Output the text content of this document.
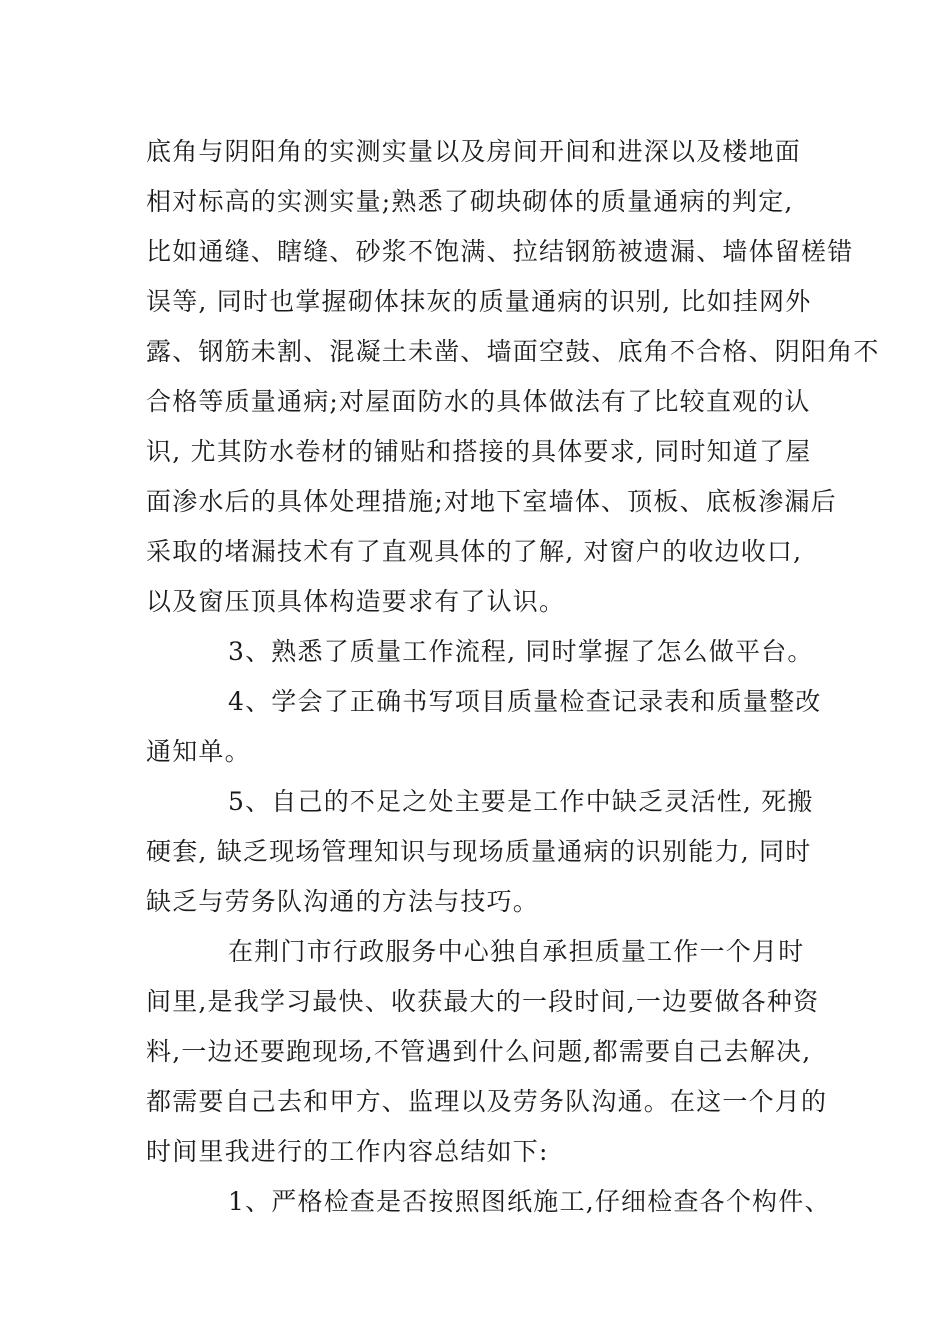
底角与阴阳角的实测实量以及房间开间和进深以及楼地面

相对标高的实测实量;熟悉了砌块砌体的质量通病的判定,

比如通缝、瞎缝、砂浆不饱满、拉结钢筋被遗漏、墙体留槎错

误等, 同时也掌握砌体抹灰的质量通病的识别, 比如挂网外

露、钢筋未割、混凝土未凿、墙面空鼓、底角不合格、阴阳角不

合格等质量通病;对屋面防水的具体做法有了比较直观的认

识, 尤其防水卷材的铺贴和搭接的具体要求, 同时知道了屋

面渗水后的具体处理措施;对地下室墙体、顶板、底板渗漏后

采取的堵漏技术有了直观具体的了解, 对窗户的收边收口,

以及窗压顶具体构造要求有了认识。

3、熟悉了质量工作流程, 同时掌握了怎么做平台。

4、学会了正确书写项目质量检查记录表和质量整改

通知单。

5、自己的不足之处主要是工作中缺乏灵活性, 死搬

硬套, 缺乏现场管理知识与现场质量通病的识别能力, 同时

缺乏与劳务队沟通的方法与技巧。

在荆门市行政服务中心独自承担质量工作一个月时

间里,是我学习最快、收获最大的一段时间,一边要做各种资

料,一边还要跑现场,不管遇到什么问题,都需要自己去解决,

都需要自己去和甲方、监理以及劳务队沟通。在这一个月的

时间里我进行的工作内容总结如下:

1、严格检查是否按照图纸施工,仔细检查各个构件、
